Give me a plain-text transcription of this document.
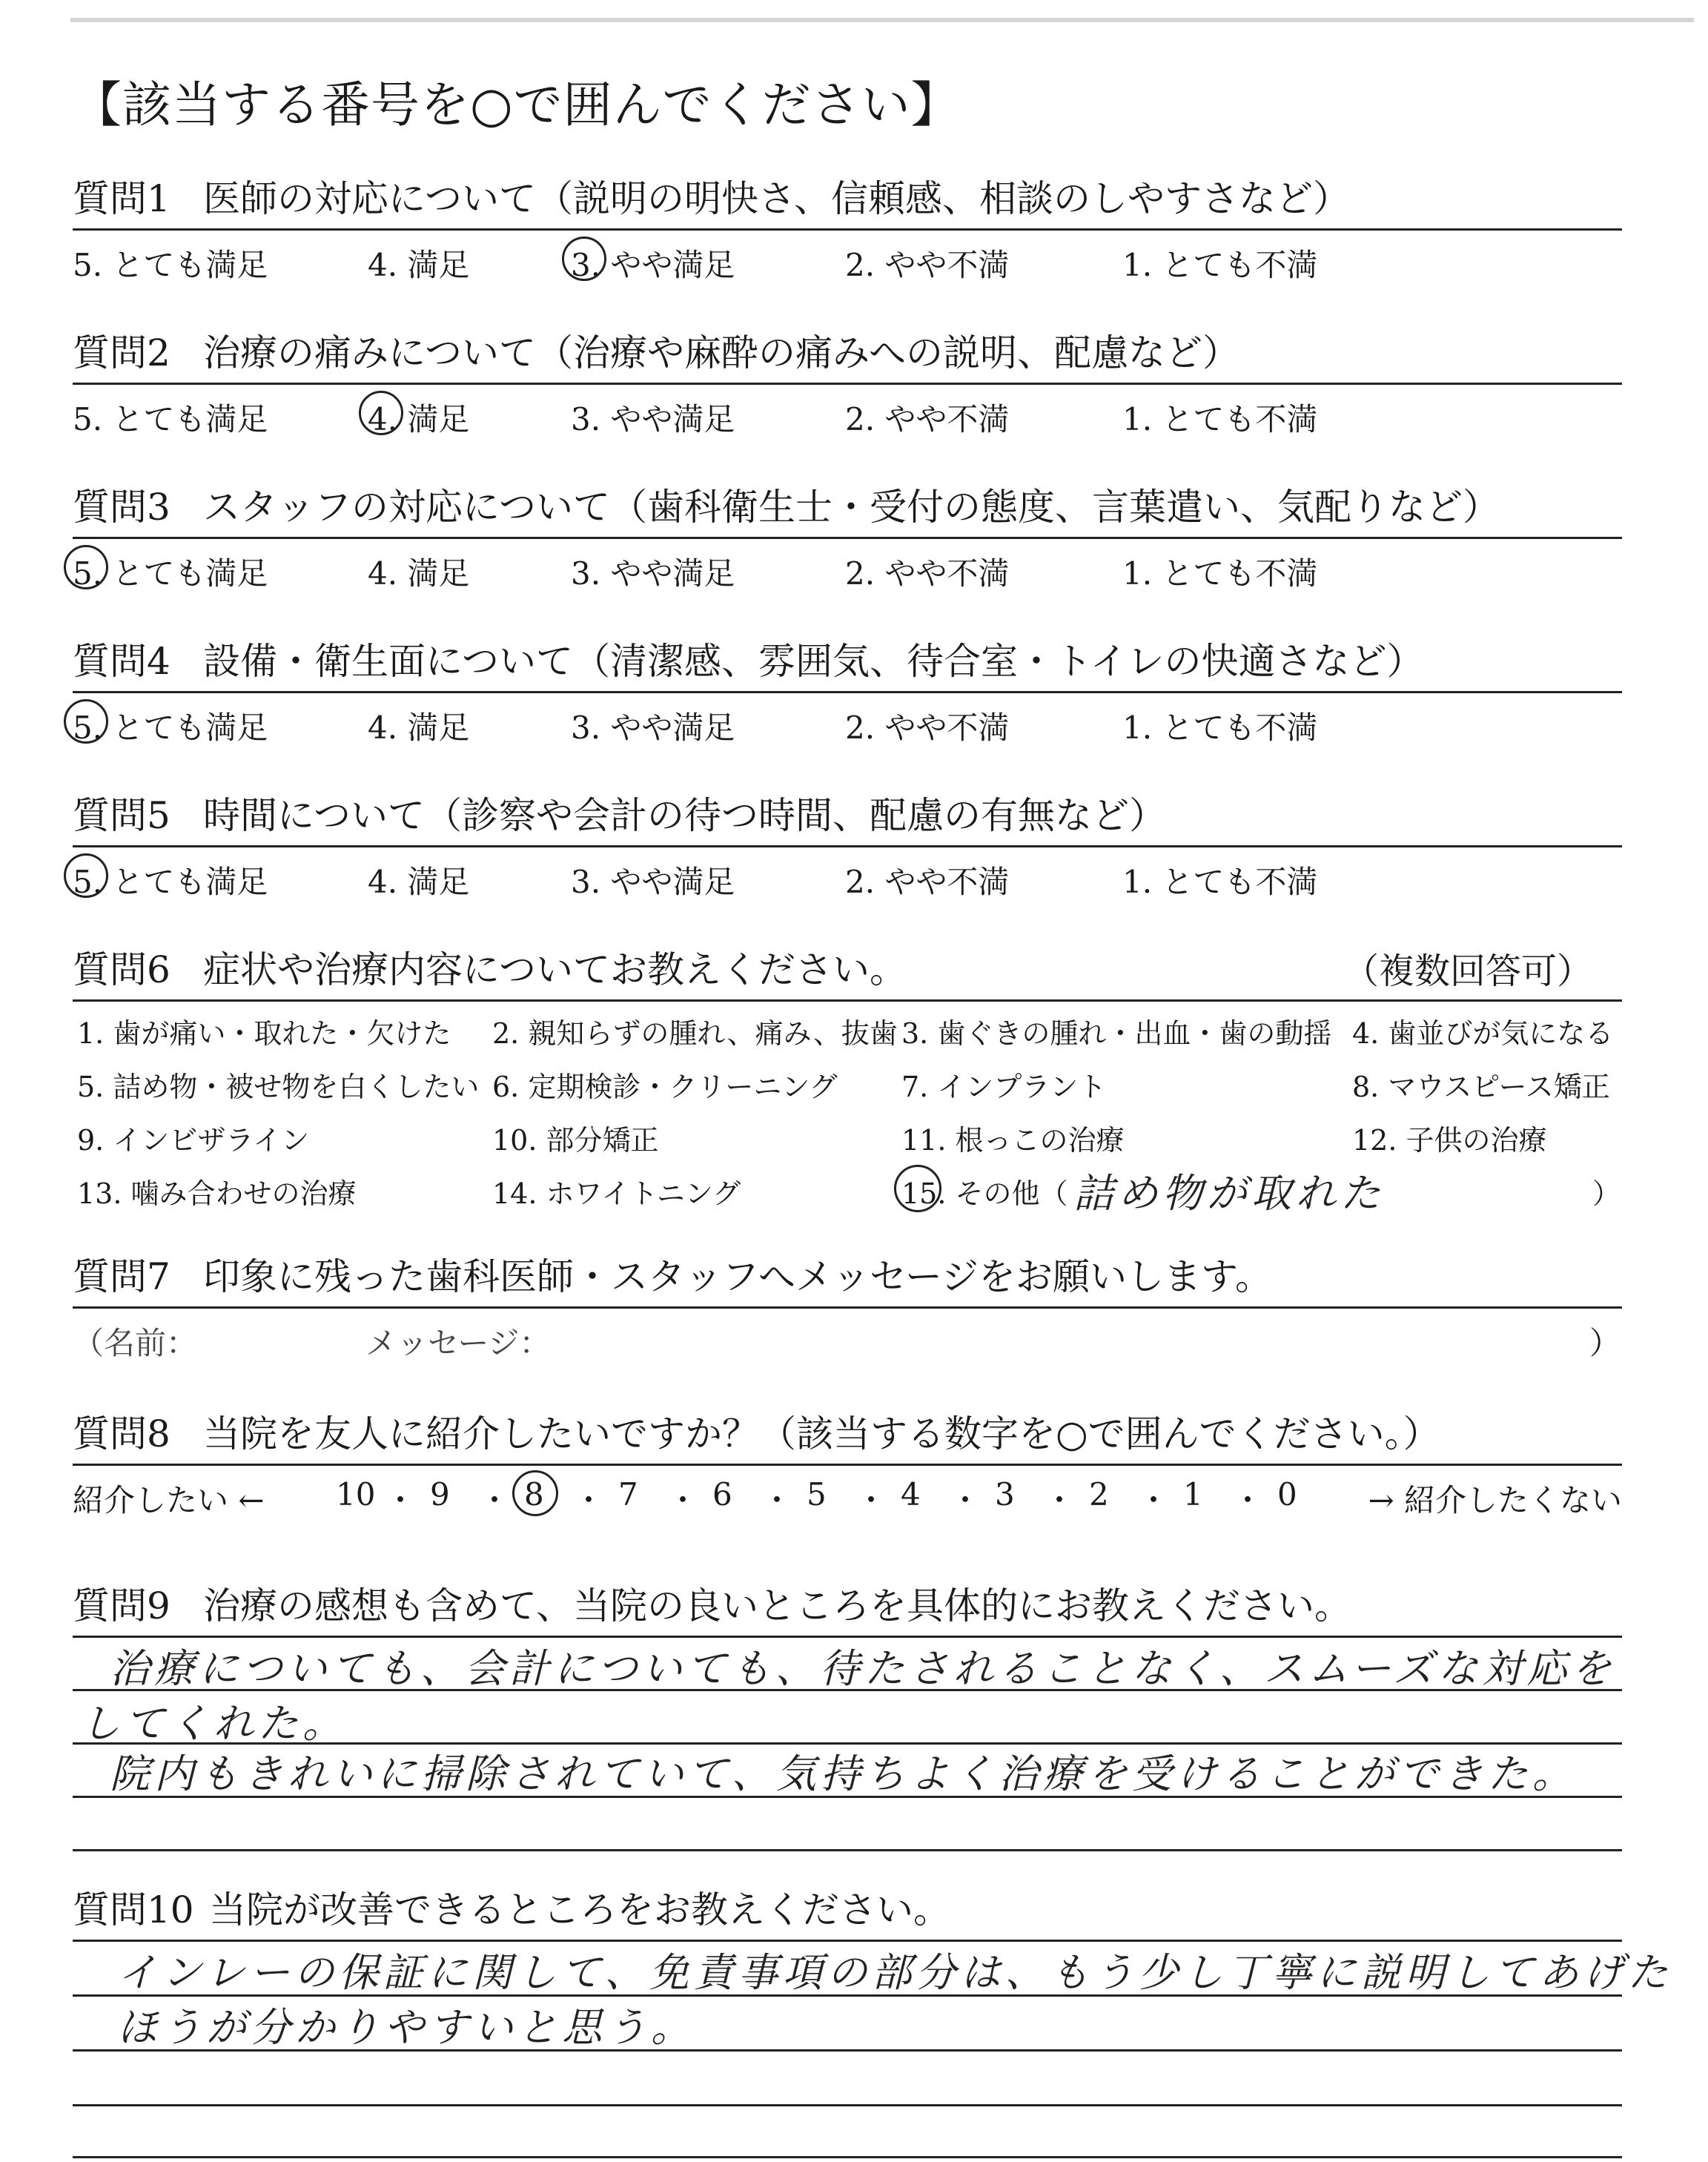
【該当する番号を○で囲んでください】
質問1 医師の対応について（説明の明快さ、信頼感、相談のしやすさなど）
5. とても満足	4. 満足	3. やや満足	2. やや不満	1. とても不満
質問2 治療の痛みについて（治療や麻酔の痛みへの説明、配慮など）
5. とても満足	4. 満足	3. やや満足	2. やや不満	1. とても不満
質問3 スタッフの対応について（歯科衛生士・受付の態度、言葉遣い、気配りなど）
5. とても満足	4. 満足	3. やや満足	2. やや不満	1. とても不満
質問4 設備・衛生面について（清潔感、雰囲気、待合室・トイレの快適さなど）
5. とても満足	4. 満足	3. やや満足	2. やや不満	1. とても不満
質問5 時間について（診察や会計の待つ時間、配慮の有無など）
5. とても満足	4. 満足	3. やや満足	2. やや不満	1. とても不満
質問6 症状や治療内容についてお教えください。	（複数回答可）
1. 歯が痛い・取れた・欠けた 2. 親知らずの腫れ、痛み、抜歯 3. 歯ぐきの腫れ・出血・歯の動揺 4. 歯並びが気になる
5. 詰め物・被せ物を白くしたい 6. 定期検診・クリーニング 7. インプラント	8. マウスピース矯正
9. インビザライン	10. 部分矯正	11. 根っこの治療	12. 子供の治療
13. 噛み合わせの治療	14. ホワイトニング	15. その他（ 詰め物が取れた	）
質問7 印象に残った歯科医師・スタッフへメッセージをお願いします。
（名前：	メッセージ：	）
質問8 当院を友人に紹介したいですか？（該当する数字を○で囲んでください。）
紹介したい ←	→ 紹介したくない
10 ・ 9 ・ 8 ・ 7 ・ 6 ・ 5 ・ 4 ・ 3 ・ 2 ・ 1 ・ 0
質問9 治療の感想も含めて、当院の良いところを具体的にお教えください。
治療についても、会計についても、待たされることなく、スムーズな対応を
してくれた。
院内もきれいに掃除されていて、気持ちよく治療を受けることができた。
質問10 当院が改善できるところをお教えください。
インレーの保証に関して、免責事項の部分は、もう少し丁寧に説明してあげた
ほうが分かりやすいと思う。
